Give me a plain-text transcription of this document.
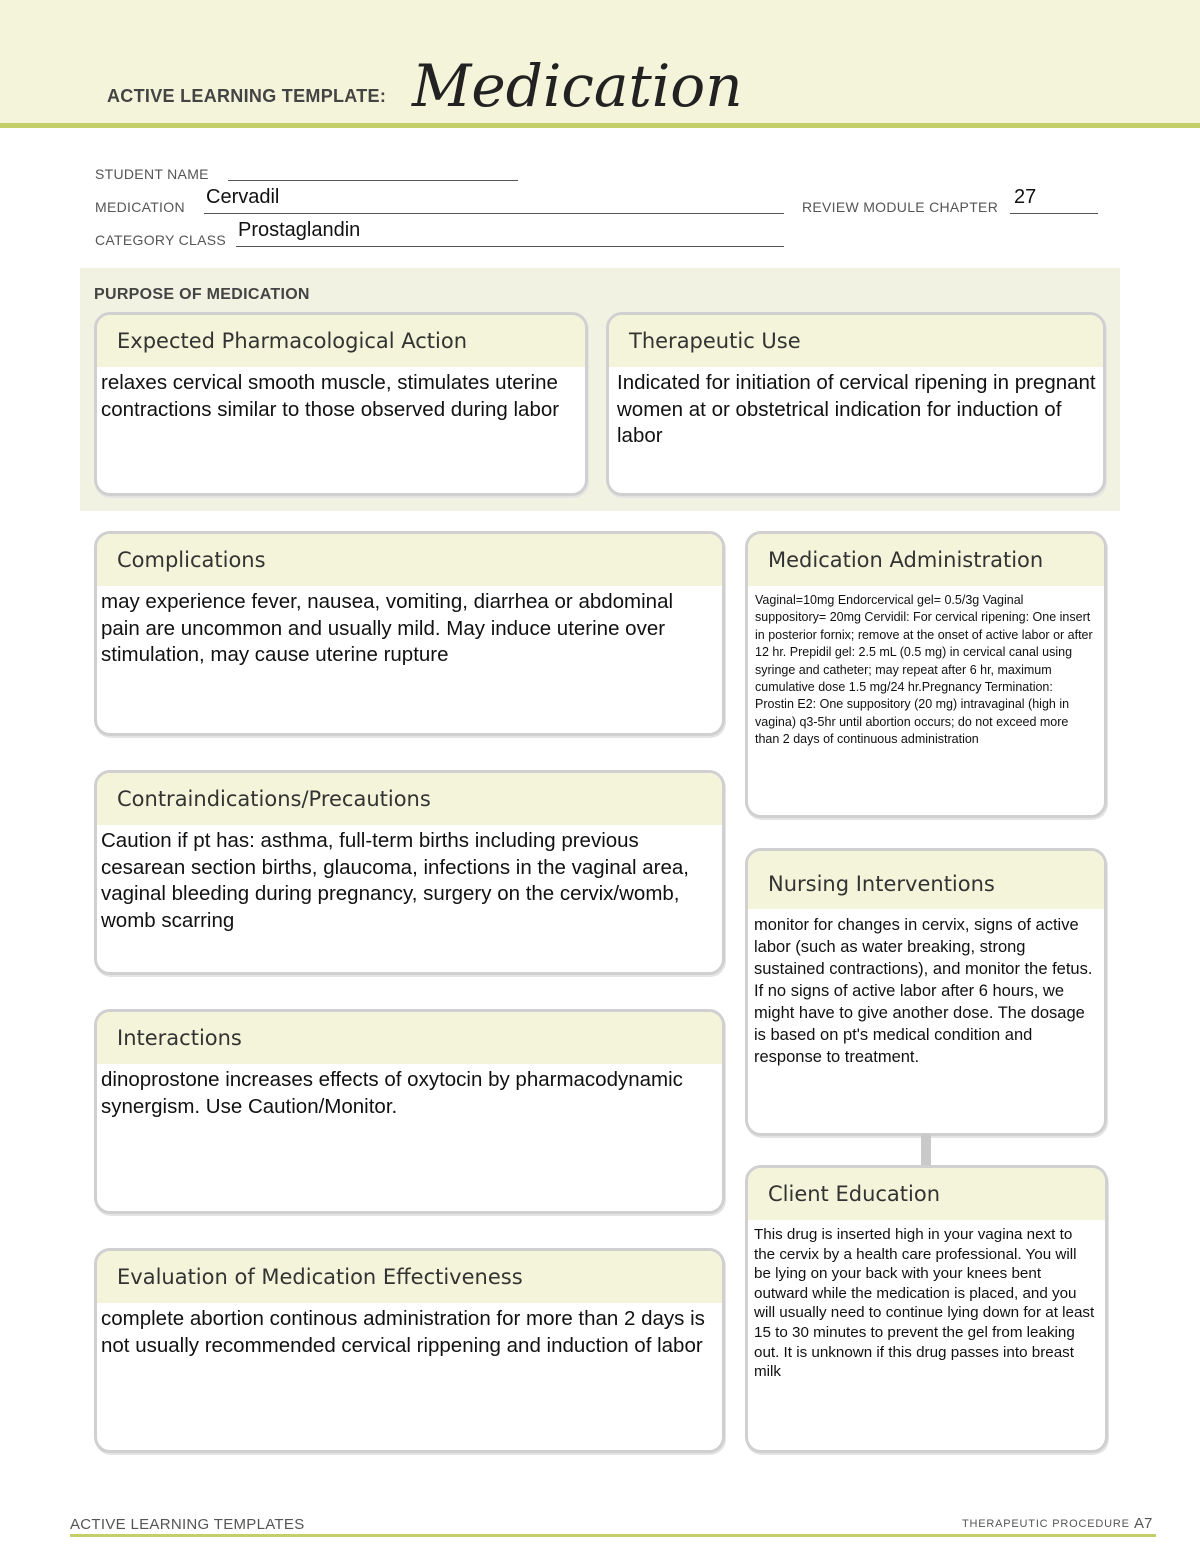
ACTIVE LEARNING TEMPLATE: Medication
STUDENT NAME
MEDICATION Cervadil	REVIEW MODULE CHAPTER 27
CATEGORY CLASS Prostaglandin
PURPOSE OF MEDICATION
Expected Pharmacological Action
relaxes cervical smooth muscle, stimulates uterine contractions similar to those observed during labor
Therapeutic Use
Indicated for initiation of cervical ripening in pregnant women at or obstetrical indication for induction of labor
Complications
may experience fever, nausea, vomiting, diarrhea or abdominal pain are uncommon and usually mild. May induce uterine over stimulation, may cause uterine rupture
Contraindications/Precautions
Caution if pt has: asthma, full-term births including previous cesarean section births, glaucoma, infections in the vaginal area, vaginal bleeding during pregnancy, surgery on the cervix/womb, womb scarring
Interactions
dinoprostone increases effects of oxytocin by pharmacodynamic synergism. Use Caution/Monitor.
Evaluation of Medication Effectiveness
complete abortion continous administration for more than 2 days is not usually recommended cervical rippening and induction of labor
Medication Administration
Vaginal=10mg Endorcervical gel= 0.5/3g Vaginal suppository= 20mg Cervidil: For cervical ripening: One insert in posterior fornix; remove at the onset of active labor or after 12 hr. Prepidil gel: 2.5 mL (0.5 mg) in cervical canal using syringe and catheter; may repeat after 6 hr, maximum cumulative dose 1.5 mg/24 hr.Pregnancy Termination: Prostin E2: One suppository (20 mg) intravaginal (high in vagina) q3-5hr until abortion occurs; do not exceed more than 2 days of continuous administration
Nursing Interventions
monitor for changes in cervix, signs of active labor (such as water breaking, strong sustained contractions), and monitor the fetus. If no signs of active labor after 6 hours, we might have to give another dose. The dosage is based on pt's medical condition and response to treatment.
Client Education
This drug is inserted high in your vagina next to the cervix by a health care professional. You will be lying on your back with your knees bent outward while the medication is placed, and you will usually need to continue lying down for at least 15 to 30 minutes to prevent the gel from leaking out. It is unknown if this drug passes into breast milk
ACTIVE LEARNING TEMPLATES	THERAPEUTIC PROCEDURE A7
